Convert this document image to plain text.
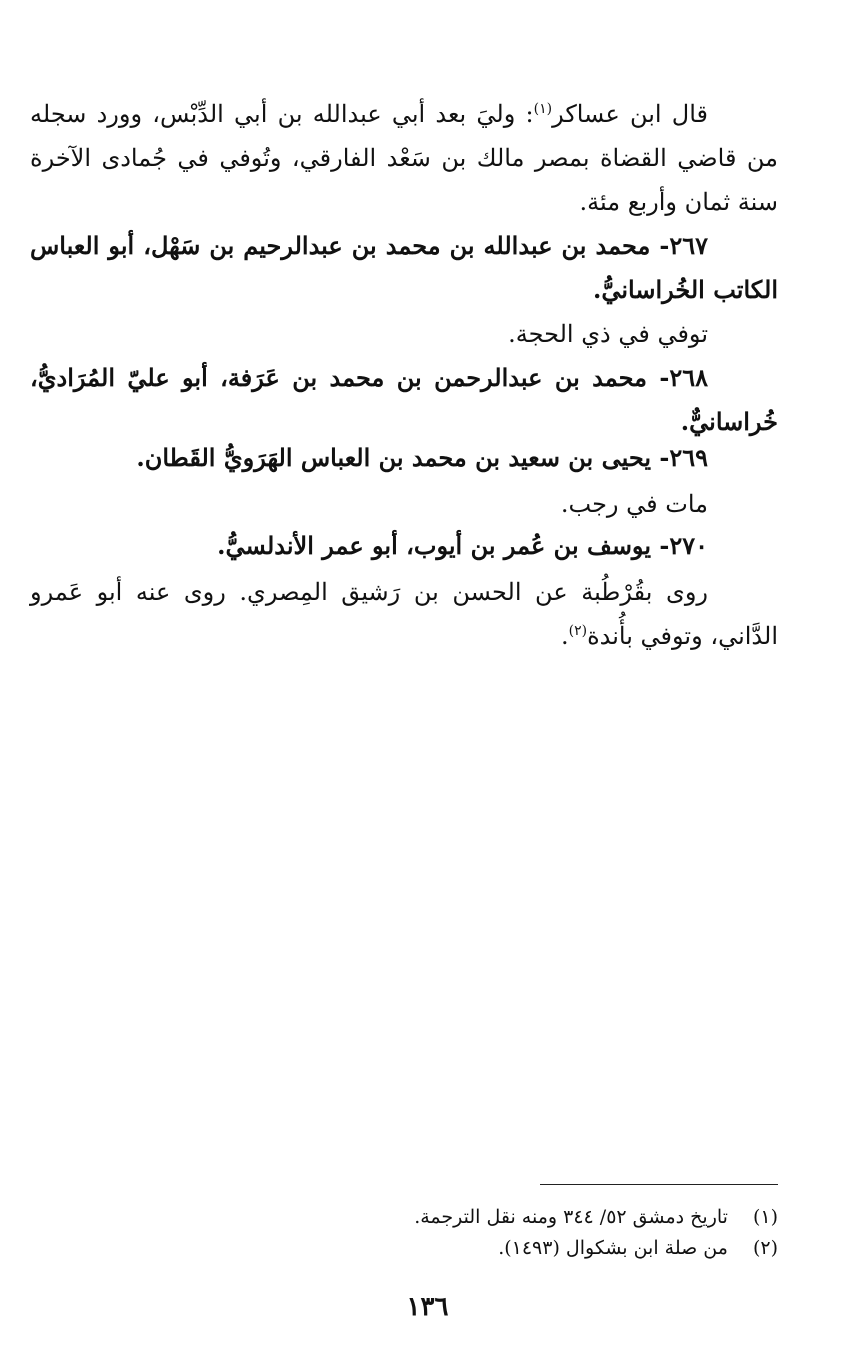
قال ابن عساكر$^{(١)}$: وليَ بعد أبي عبدالله بن أبي الدِّبْس، وورد سجله من قاضي القضاة بمصر مالك بن سَعْد الفارقي، وتُوفي في جُمادى الآخرة سنة ثمان وأربع مئة.
٢٦٧- محمد بن عبدالله بن محمد بن عبدالرحيم بن سَهْل، أبو العباس الكاتب الخُراسانيُّ.
توفي في ذي الحجة.
٢٦٨- محمد بن عبدالرحمن بن محمد بن عَرَفة، أبو عليّ المُرَاديُّ، خُراسانيٌّ.
٢٦٩- يحيى بن سعيد بن محمد بن العباس الهَرَويُّ القَطان.
مات في رجب.
٢٧٠- يوسف بن عُمر بن أيوب، أبو عمر الأندلسيُّ.
روى بقُرْطُبة عن الحسن بن رَشيق المِصري. روى عنه أبو عَمرو الدَّاني، وتوفي بأُندة$^{(٢)}$.
(١) تاريخ دمشق ٥٢/ ٣٤٤ ومنه نقل الترجمة.
(٢) من صلة ابن بشكوال (١٤٩٣).
١٣٦
